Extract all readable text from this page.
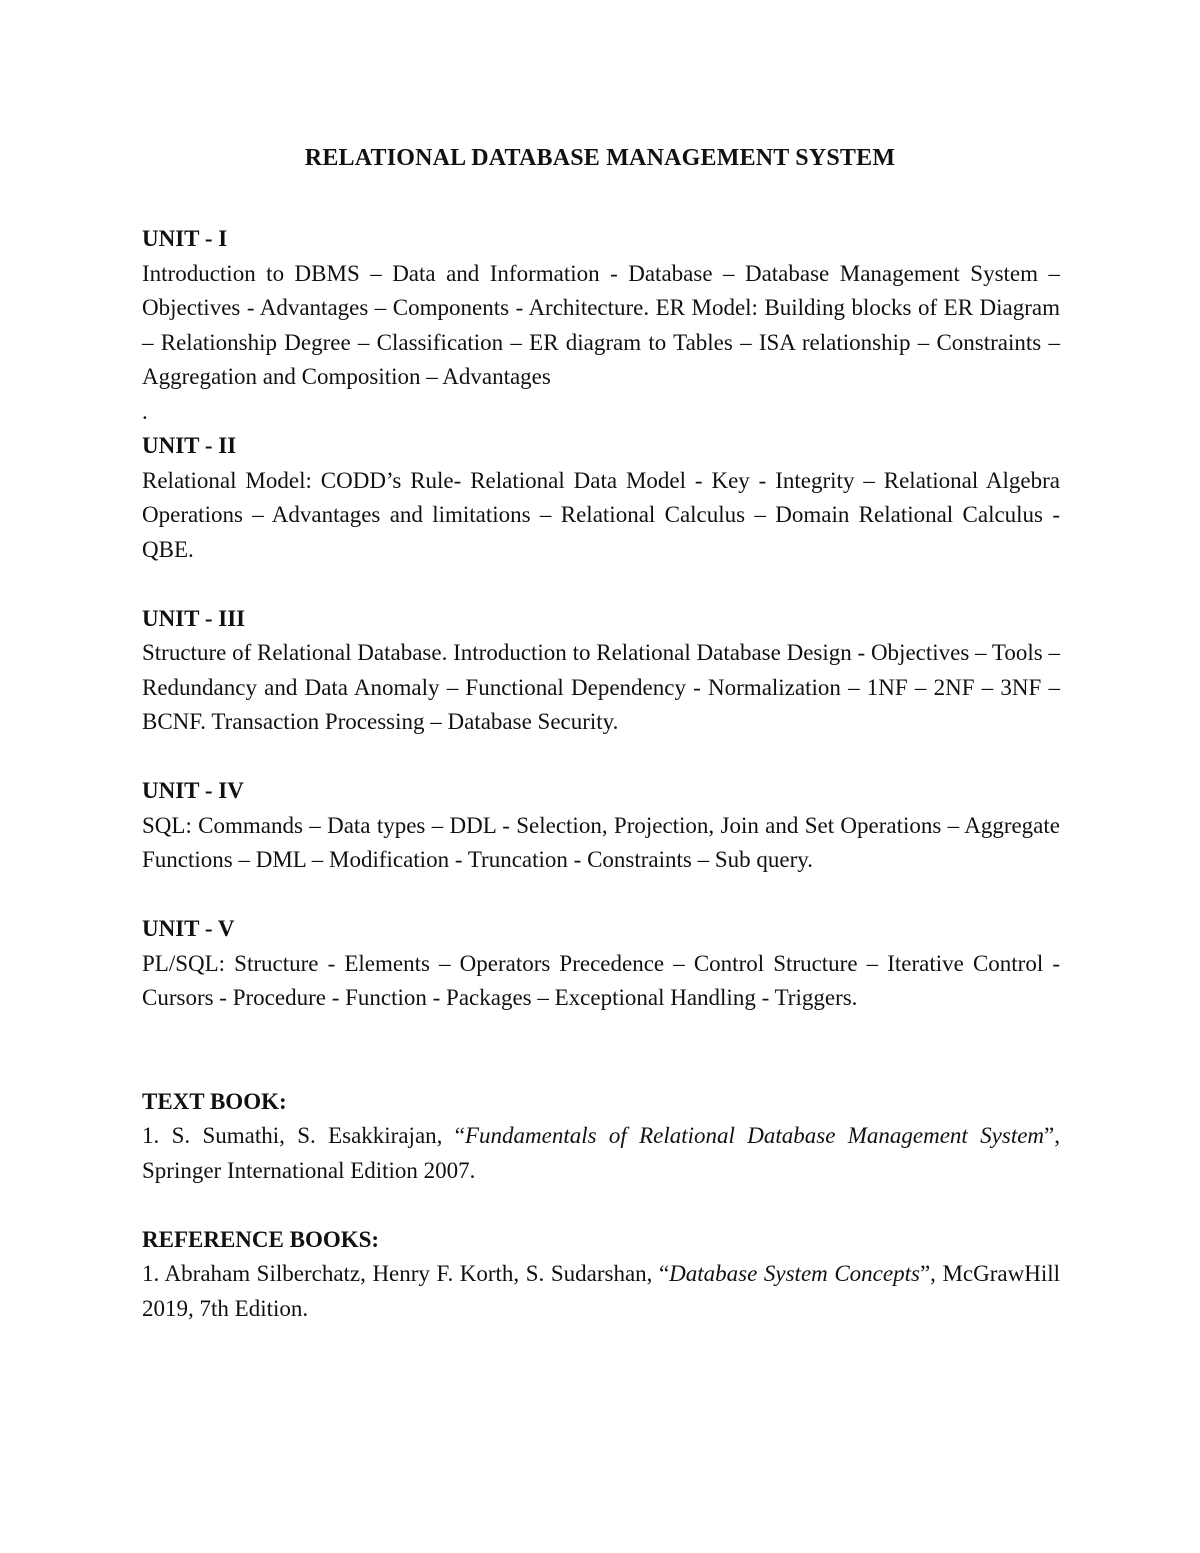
RELATIONAL DATABASE MANAGEMENT SYSTEM

UNIT - I

Introduction to DBMS – Data and Information - Database – Database Management System – Objectives - Advantages – Components - Architecture. ER Model: Building blocks of ER Diagram – Relationship Degree – Classification – ER diagram to Tables – ISA relationship – Constraints – Aggregation and Composition – Advantages

.

UNIT - II

Relational Model: CODD’s Rule- Relational Data Model - Key - Integrity – Relational Algebra Operations – Advantages and limitations – Relational Calculus – Domain Relational Calculus - QBE.

UNIT - III

Structure of Relational Database. Introduction to Relational Database Design - Objectives – Tools – Redundancy and Data Anomaly – Functional Dependency - Normalization – 1NF – 2NF – 3NF – BCNF. Transaction Processing – Database Security.

UNIT - IV

SQL: Commands – Data types – DDL - Selection, Projection, Join and Set Operations – Aggregate Functions – DML – Modification - Truncation - Constraints – Sub query.

UNIT - V

PL/SQL: Structure - Elements – Operators Precedence – Control Structure – Iterative Control - Cursors - Procedure - Function - Packages – Exceptional Handling - Triggers.

TEXT BOOK:

1. S. Sumathi, S. Esakkirajan, “Fundamentals of Relational Database Management System”, Springer International Edition 2007.

REFERENCE BOOKS:

1. Abraham Silberchatz, Henry F. Korth, S. Sudarshan, “Database System Concepts”, McGrawHill 2019, 7th Edition.
